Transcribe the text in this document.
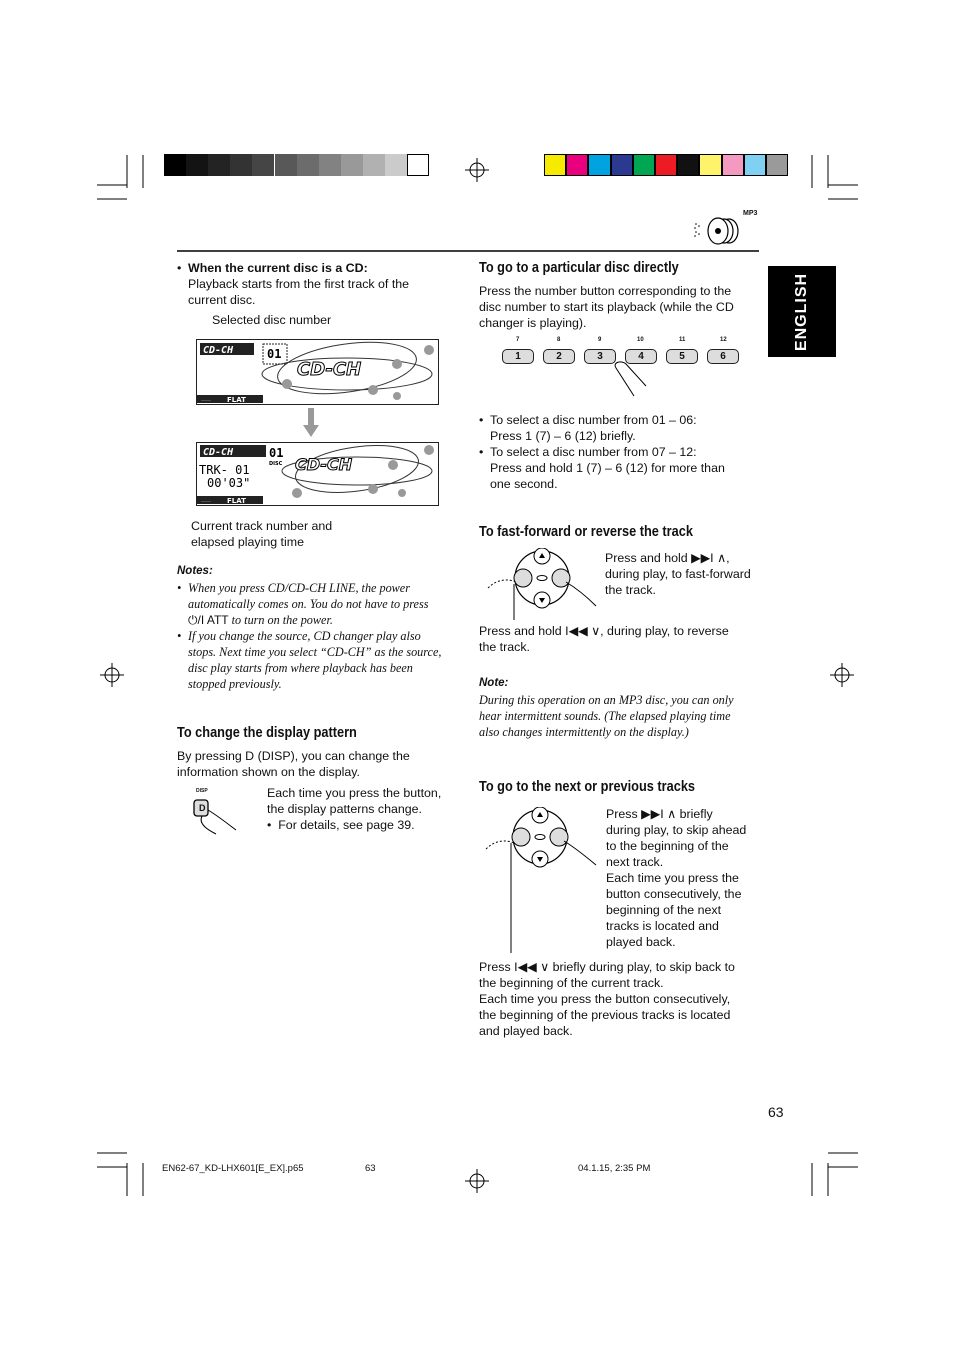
MP3
ENGLISH
• When the current disc is a CD:
Playback starts from the first track of the current disc.
Selected disc number
CD-CH	01
CD-CH
FLAT
·····
CD-CH	01
DISC
TRK- 01
00'03"
CD-CH
FLAT
·····
Current track number and
elapsed playing time
Notes:
• When you press CD/CD-CH LINE, the power
automatically comes on. You do not have to press
⏻/I ATT to turn on the power.
• If you change the source, CD changer play also
stops. Next time you select “CD-CH” as the source,
disc play starts from where playback has been
stopped previously.
To change the display pattern
By pressing D (DISP), you can change the
information shown on the display.
DISP
D
Each time you press the button,
the display patterns change.
•  For details, see page 39.
To go to a particular disc directly
Press the number button corresponding to the
disc number to start its playback (while the CD
changer is playing).
7	8	9	10	11	12
1	2	3	4	5	6
• To select a disc number from 01 – 06:
Press 1 (7) – 6 (12) briefly.
• To select a disc number from 07 – 12:
Press and hold 1 (7) – 6 (12) for more than
one second.
To fast-forward or reverse the track
Press and hold ▶▶I ∧,
during play, to fast-forward
the track.
Press and hold I◀◀ ∨, during play, to reverse
the track.
Note:
During this operation on an MP3 disc, you can only
hear intermittent sounds. (The elapsed playing time
also changes intermittently on the display.)
To go to the next or previous tracks
Press ▶▶I ∧ briefly
during play, to skip ahead
to the beginning of the
next track.
Each time you press the
button consecutively, the
beginning of the next
tracks is located and
played back.
Press I◀◀ ∨ briefly during play, to skip back to
the beginning of the current track.
Each time you press the button consecutively,
the beginning of the previous tracks is located
and played back.
63
EN62-67_KD-LHX601[E_EX].p65	63	04.1.15, 2:35 PM
